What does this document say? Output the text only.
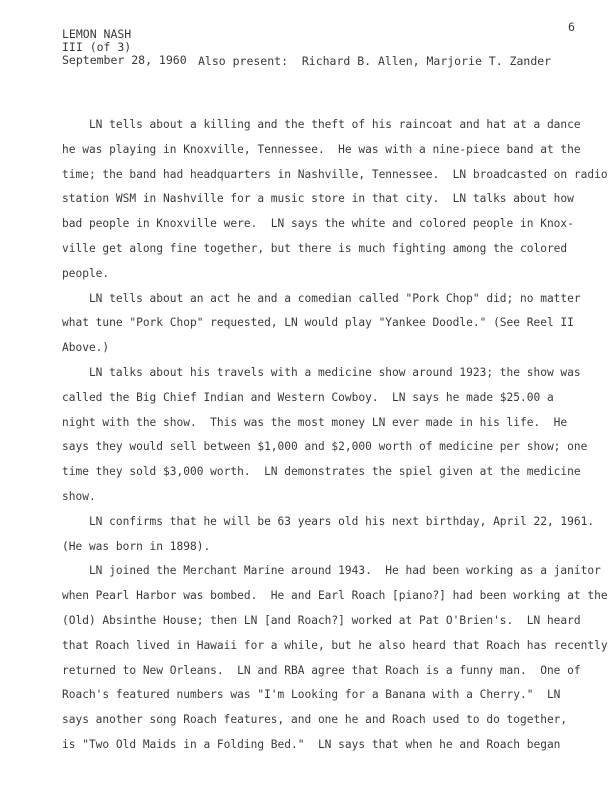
6
LEMON NASH
III (of 3)
September 28, 1960 Also present:  Richard B. Allen, Marjorie T. Zander
LN tells about a killing and the theft of his raincoat and hat at a dance
he was playing in Knoxville, Tennessee.  He was with a nine-piece band at the
time; the band had headquarters in Nashville, Tennessee.  LN broadcasted on radio
station WSM in Nashville for a music store in that city.  LN talks about how
bad people in Knoxville were.  LN says the white and colored people in Knox-
ville get along fine together, but there is much fighting among the colored
people.
LN tells about an act he and a comedian called "Pork Chop" did; no matter
what tune "Pork Chop" requested, LN would play "Yankee Doodle." (See Reel II
Above.)
LN talks about his travels with a medicine show around 1923; the show was
called the Big Chief Indian and Western Cowboy.  LN says he made $25.00 a
night with the show.  This was the most money LN ever made in his life.  He
says they would sell between $1,000 and $2,000 worth of medicine per show; one
time they sold $3,000 worth.  LN demonstrates the spiel given at the medicine
show.
LN confirms that he will be 63 years old his next birthday, April 22, 1961.
(He was born in 1898).
LN joined the Merchant Marine around 1943.  He had been working as a janitor
when Pearl Harbor was bombed.  He and Earl Roach [piano?] had been working at the
(Old) Absinthe House; then LN [and Roach?] worked at Pat O'Brien's.  LN heard
that Roach lived in Hawaii for a while, but he also heard that Roach has recently
returned to New Orleans.  LN and RBA agree that Roach is a funny man.  One of
Roach's featured numbers was "I'm Looking for a Banana with a Cherry."  LN
says another song Roach features, and one he and Roach used to do together,
is "Two Old Maids in a Folding Bed."  LN says that when he and Roach began
